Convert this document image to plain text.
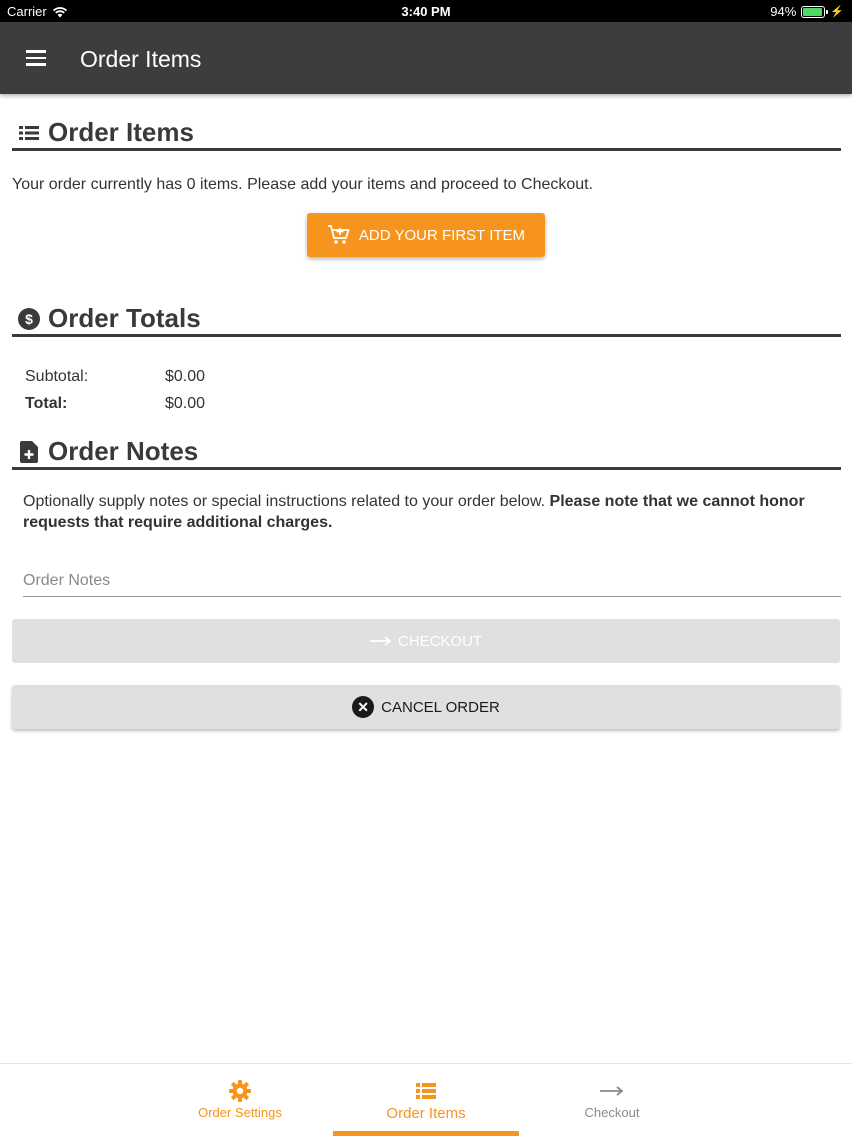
Carrier	3:40 PM	94%	⚡
Order Items
Order Items
Your order currently has 0 items. Please add your items and proceed to Checkout.
ADD YOUR FIRST ITEM
$ Order Totals
Subtotal:	$0.00
Total:	$0.00
Order Notes
Optionally supply notes or special instructions related to your order below. Please note that we cannot honor requests that require additional charges.
Order Notes
CHECKOUT
✕ CANCEL ORDER
Order Settings	Order Items	Checkout
